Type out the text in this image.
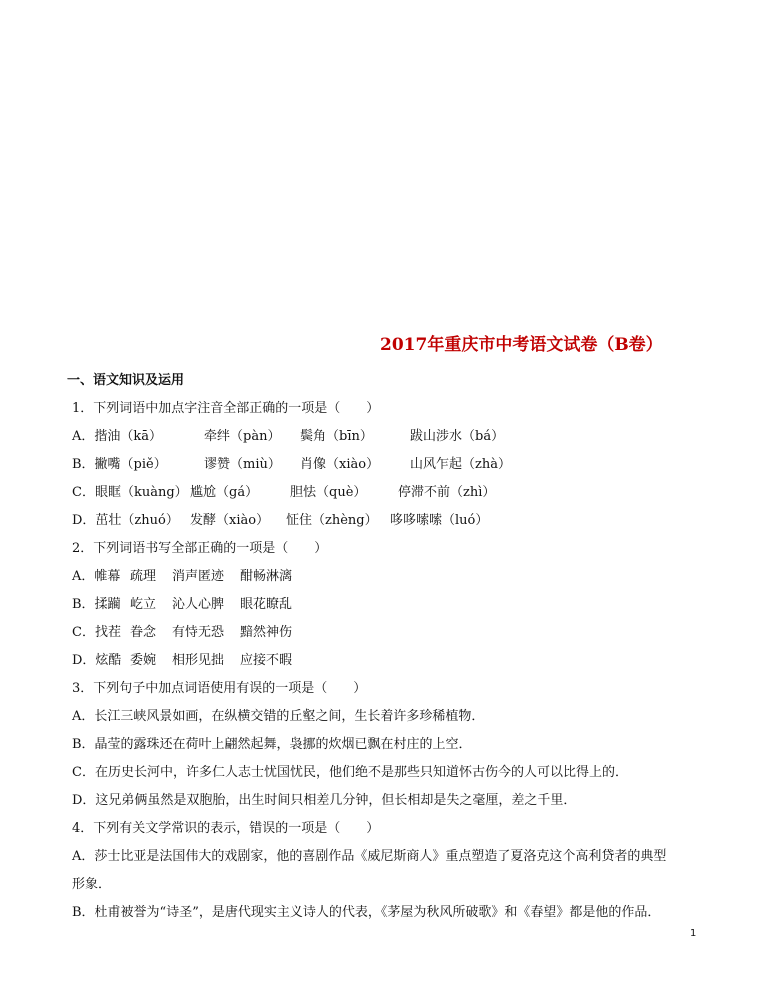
2017年重庆市中考语文试卷（B卷）
一、语文知识及运用
1．下列词语中加点字注音全部正确的一项是（　　）
A．揩油（kā）	牵绊（pàn） 鬓角（bīn）	跋山涉水（bá）
B．撇嘴（piě）	谬赞（miù） 肖像（xiào） 山风乍起（zhà）
C．眼眶（kuàng） 尴尬（gá） 胆怯（què） 停滞不前（zhì）
D．茁壮（zhuó） 发酵（xiào） 怔住（zhèng） 哆哆嗦嗦（luó）
2．下列词语书写全部正确的一项是（　　）
A．帷幕 疏理 消声匿迹 酣畅淋漓
B．揉躏 屹立 沁人心脾 眼花瞭乱
C．找茬 眷念 有恃无恐 黯然神伤
D．炫酷 委婉 相形见拙 应接不暇
3．下列句子中加点词语使用有误的一项是（　　）
A．长江三峡风景如画，在纵横交错的丘壑之间，生长着许多珍稀植物．
B．晶莹的露珠还在荷叶上翩然起舞，袅挪的炊烟已飘在村庄的上空．
C．在历史长河中，许多仁人志士忧国忧民，他们绝不是那些只知道怀古伤今的人可以比得上的．
D．这兄弟俩虽然是双胞胎，出生时间只相差几分钟，但长相却是失之毫厘，差之千里．
4．下列有关文学常识的表示，错误的一项是（　　）
A．莎士比亚是法国伟大的戏剧家，他的喜剧作品《威尼斯商人》重点塑造了夏洛克这个高利贷者的典型
形象．
B．杜甫被誉为“诗圣”，是唐代现实主义诗人的代表，《茅屋为秋风所破歌》和《春望》都是他的作品．
1
